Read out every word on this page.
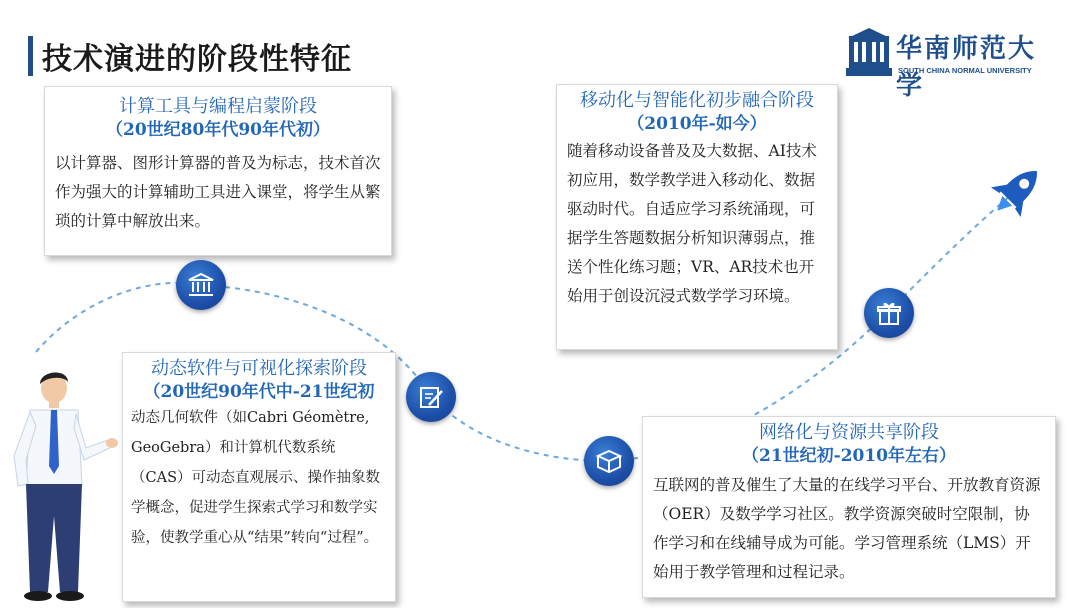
技术演进的阶段性特征	华南师范大学
SOUTH CHINA NORMAL UNIVERSITY
计算工具与编程启蒙阶段
（20世纪80年代90年代初）
以计算器、图形计算器的普及为标志，技术首次作为强大的计算辅助工具进入课堂，将学生从繁琐的计算中解放出来。
动态软件与可视化探索阶段
（20世纪90年代中-21世纪初
动态几何软件（如Cabri Géomètre, GeoGebra）和计算机代数系统（CAS）可动态直观展示、操作抽象数学概念，促进学生探索式学习和数学实验，使教学重心从“结果”转向“过程”。
网络化与资源共享阶段
（21世纪初-2010年左右）
互联网的普及催生了大量的在线学习平台、开放教育资源（OER）及数学学习社区。教学资源突破时空限制，协作学习和在线辅导成为可能。学习管理系统（LMS）开始用于教学管理和过程记录。
移动化与智能化初步融合阶段
（2010年-如今）
随着移动设备普及及大数据、AI技术初应用，数学教学进入移动化、数据驱动时代。自适应学习系统涌现，可据学生答题数据分析知识薄弱点，推送个性化练习题；VR、AR技术也开始用于创设沉浸式数学学习环境。
